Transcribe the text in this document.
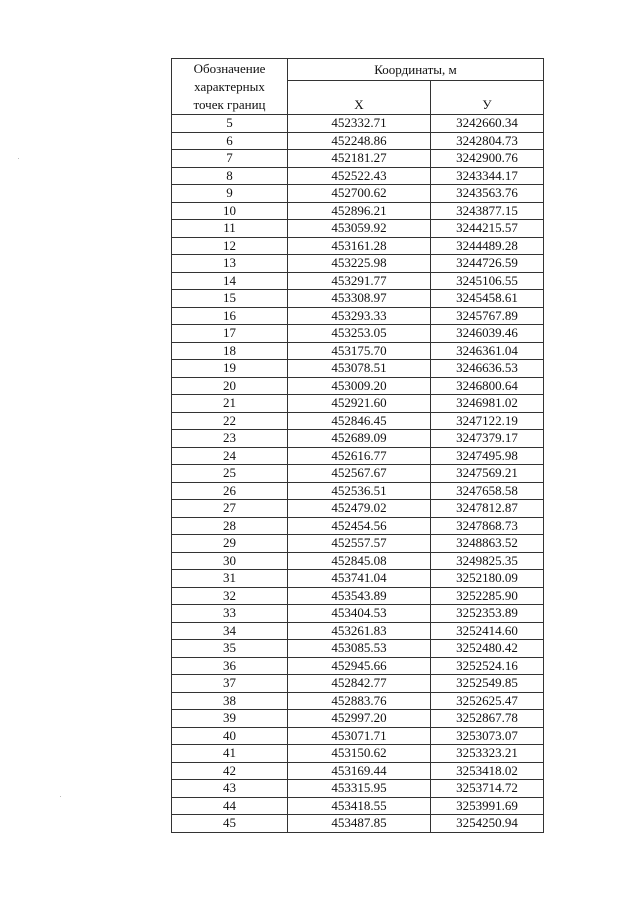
Обозначение
характерных
точек границ	Координаты, м	
	X	У
5	452332.71	3242660.34
6	452248.86	3242804.73
7	452181.27	3242900.76
8	452522.43	3243344.17
9	452700.62	3243563.76
10	452896.21	3243877.15
11	453059.92	3244215.57
12	453161.28	3244489.28
13	453225.98	3244726.59
14	453291.77	3245106.55
15	453308.97	3245458.61
16	453293.33	3245767.89
17	453253.05	3246039.46
18	453175.70	3246361.04
19	453078.51	3246636.53
20	453009.20	3246800.64
21	452921.60	3246981.02
22	452846.45	3247122.19
23	452689.09	3247379.17
24	452616.77	3247495.98
25	452567.67	3247569.21
26	452536.51	3247658.58
27	452479.02	3247812.87
28	452454.56	3247868.73
29	452557.57	3248863.52
30	452845.08	3249825.35
31	453741.04	3252180.09
32	453543.89	3252285.90
33	453404.53	3252353.89
34	453261.83	3252414.60
35	453085.53	3252480.42
36	452945.66	3252524.16
37	452842.77	3252549.85
38	452883.76	3252625.47
39	452997.20	3252867.78
40	453071.71	3253073.07
41	453150.62	3253323.21
42	453169.44	3253418.02
43	453315.95	3253714.72
44	453418.55	3253991.69
45	453487.85	3254250.94
